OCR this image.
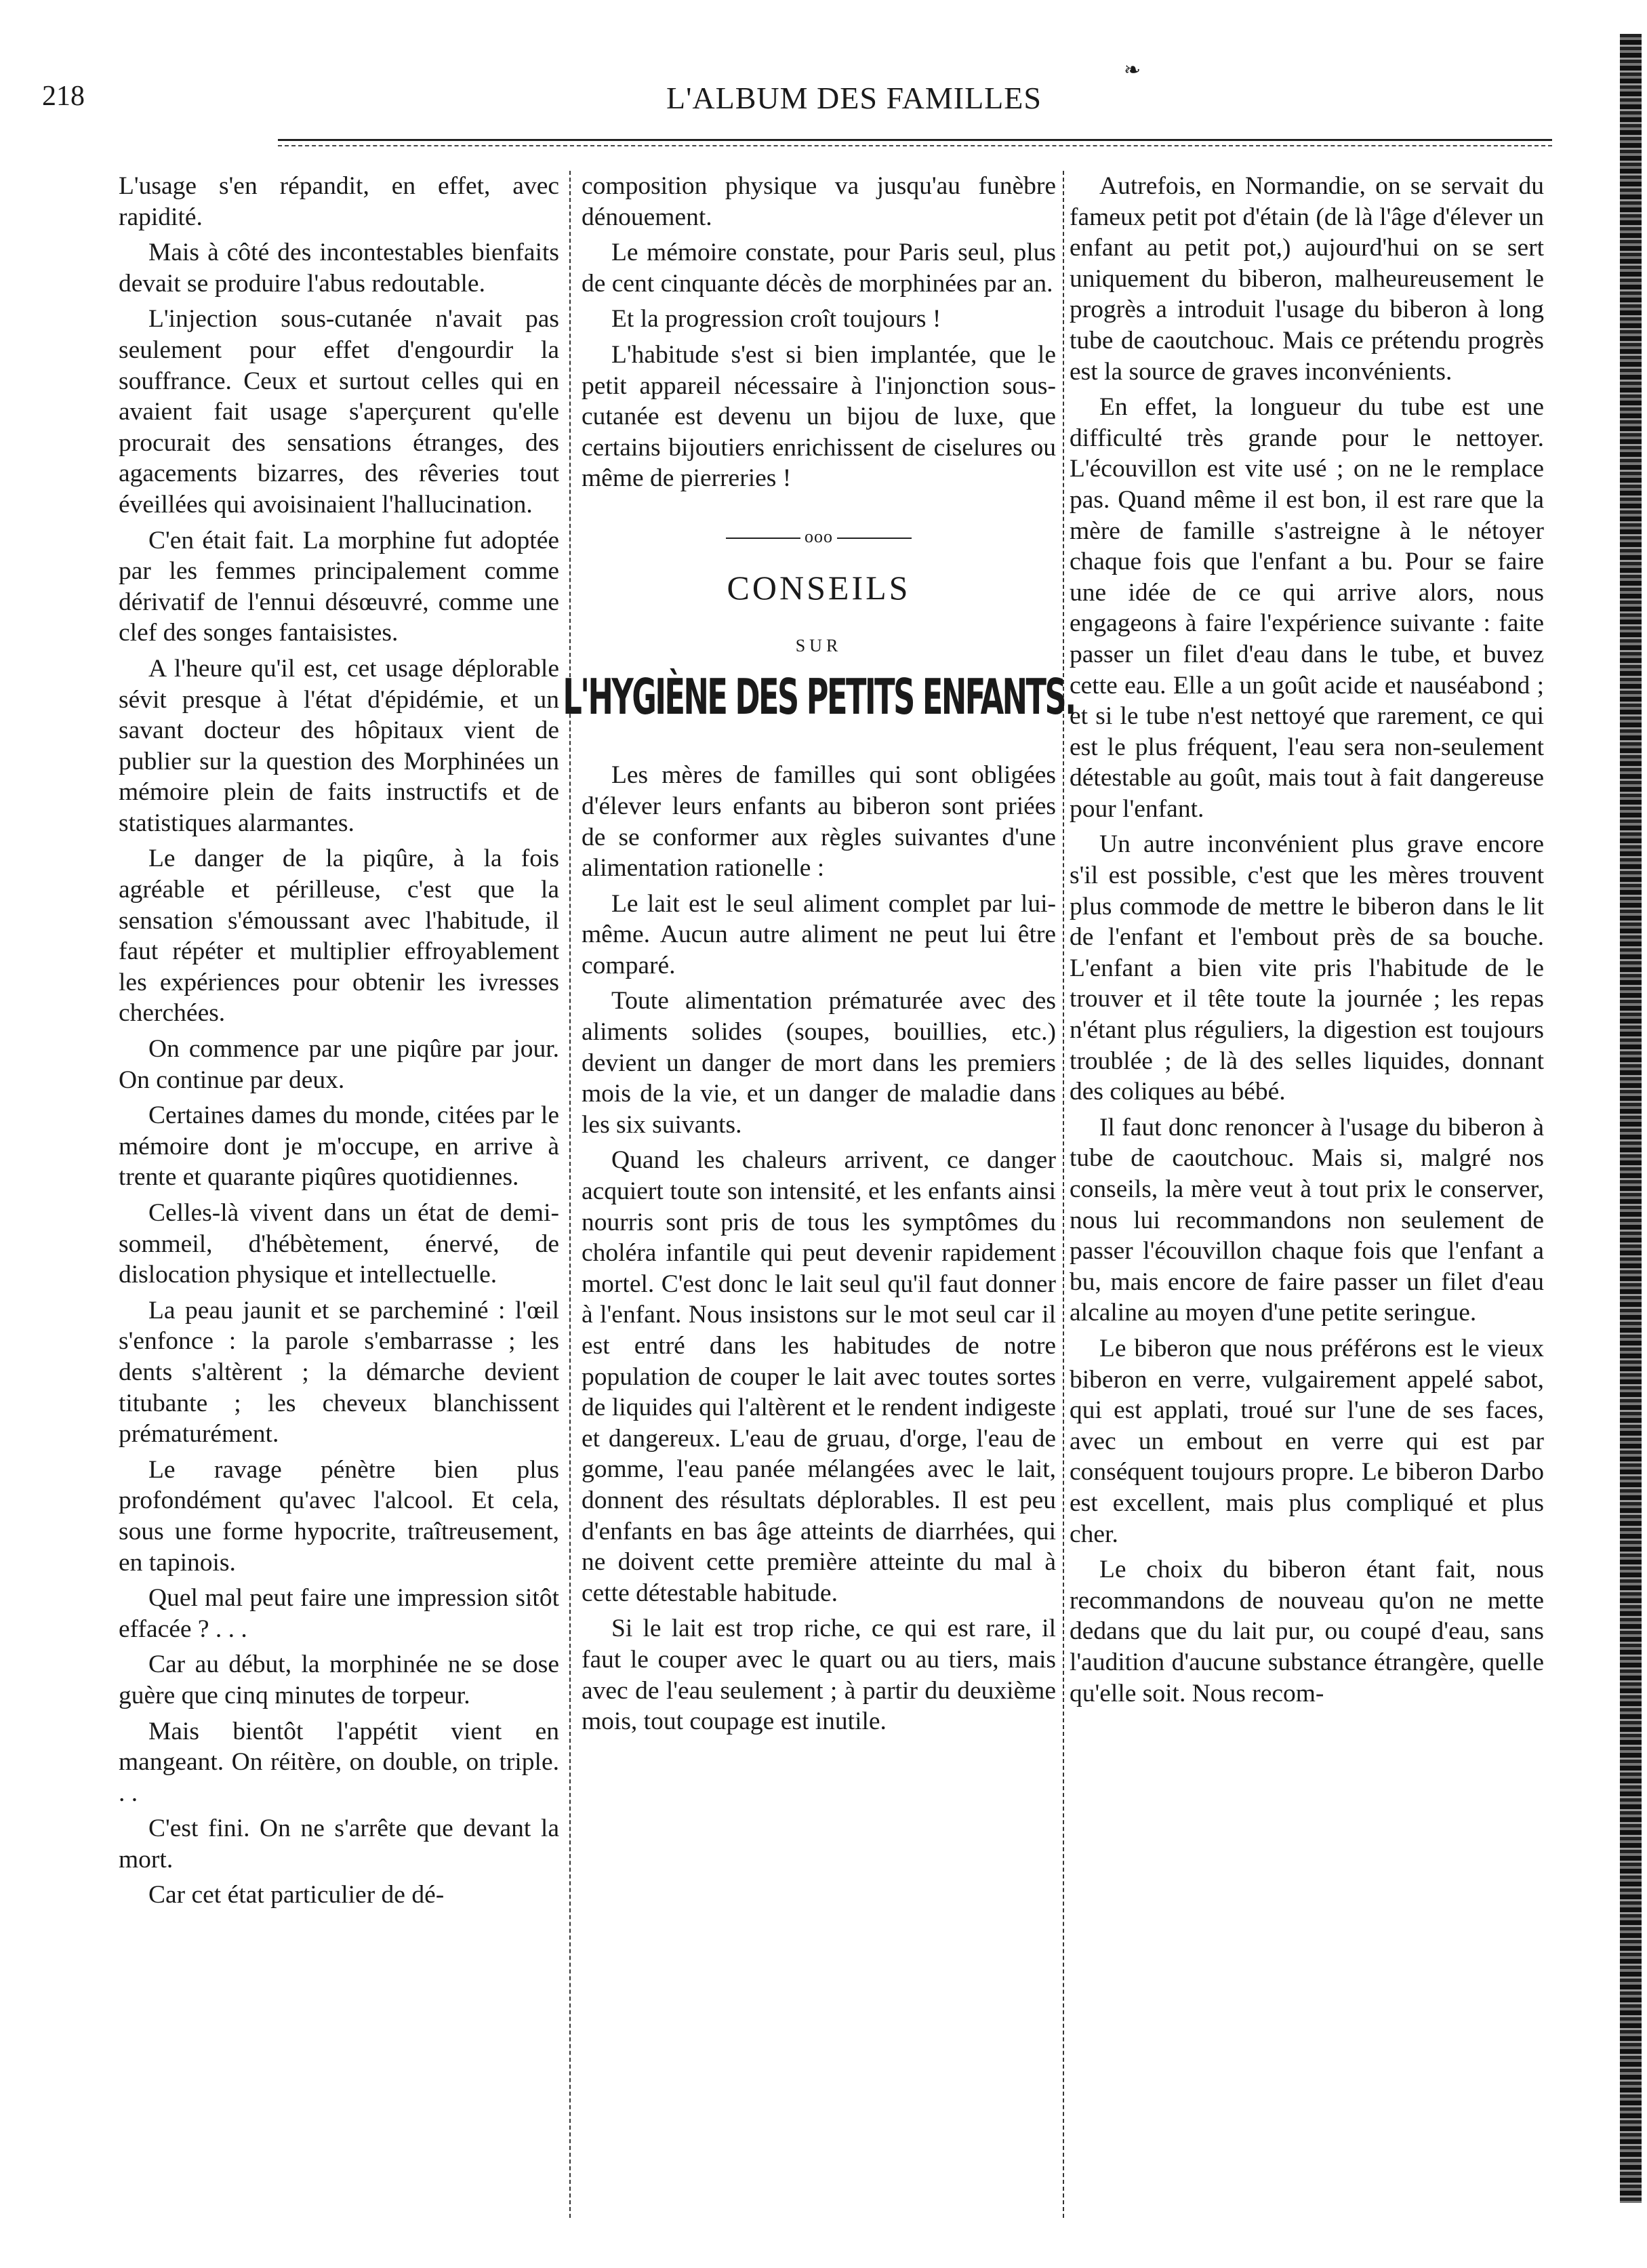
218	L'ALBUM DES FAMILLES
❧

L'usage s'en répandit, en effet, avec rapidité.

Mais à côté des incontestables bienfaits devait se produire l'abus redoutable.

L'injection sous-cutanée n'avait pas seulement pour effet d'engourdir la souffrance. Ceux et surtout celles qui en avaient fait usage s'aperçurent qu'elle procurait des sensations étranges, des agacements bizarres, des rêveries tout éveillées qui avoisinaient l'hallucination.

C'en était fait. La morphine fut adoptée par les femmes principalement comme dérivatif de l'ennui désœuvré, comme une clef des songes fantaisistes.

A l'heure qu'il est, cet usage déplorable sévit presque à l'état d'épidémie, et un savant docteur des hôpitaux vient de publier sur la question des Morphinées un mémoire plein de faits instructifs et de statistiques alarmantes.

Le danger de la piqûre, à la fois agréable et périlleuse, c'est que la sensation s'émoussant avec l'habitude, il faut répéter et multiplier effroyablement les expériences pour obtenir les ivresses cherchées.

On commence par une piqûre par jour. On continue par deux.

Certaines dames du monde, citées par le mémoire dont je m'occupe, en arrive à trente et quarante piqûres quotidiennes.

Celles-là vivent dans un état de demi-sommeil, d'hébètement, énervé, de dislocation physique et intellectuelle.

La peau jaunit et se parcheminé : l'œil s'enfonce : la parole s'embarrasse ; les dents s'altèrent ; la démarche devient titubante ; les cheveux blanchissent prématurément.

Le ravage pénètre bien plus profondément qu'avec l'alcool. Et cela, sous une forme hypocrite, traîtreusement, en tapinois.

Quel mal peut faire une impression sitôt effacée ? . . .

Car au début, la morphinée ne se dose guère que cinq minutes de torpeur.

Mais bientôt l'appétit vient en mangeant. On réitère, on double, on triple. . .

C'est fini. On ne s'arrête que devant la mort.

Car cet état particulier de dé-

composition physique va jusqu'au funèbre dénouement.

Le mémoire constate, pour Paris seul, plus de cent cinquante décès de morphinées par an.

Et la progression croît toujours !

L'habitude s'est si bien implantée, que le petit appareil nécessaire à l'injonction sous-cutanée est devenu un bijou de luxe, que certains bijoutiers enrichissent de ciselures ou même de pierreries !

ooo
CONSEILS
SUR
L'HYGIÈNE DES PETITS ENFANTS.

Les mères de familles qui sont obligées d'élever leurs enfants au biberon sont priées de se conformer aux règles suivantes d'une alimentation rationelle :

Le lait est le seul aliment complet par lui-même. Aucun autre aliment ne peut lui être comparé.

Toute alimentation prématurée avec des aliments solides (soupes, bouillies, etc.) devient un danger de mort dans les premiers mois de la vie, et un danger de maladie dans les six suivants.

Quand les chaleurs arrivent, ce danger acquiert toute son intensité, et les enfants ainsi nourris sont pris de tous les symptômes du choléra infantile qui peut devenir rapidement mortel. C'est donc le lait seul qu'il faut donner à l'enfant. Nous insistons sur le mot seul car il est entré dans les habitudes de notre population de couper le lait avec toutes sortes de liquides qui l'altèrent et le rendent indigeste et dangereux. L'eau de gruau, d'orge, l'eau de gomme, l'eau panée mélangées avec le lait, donnent des résultats déplorables. Il est peu d'enfants en bas âge atteints de diarrhées, qui ne doivent cette première atteinte du mal à cette détestable habitude.

Si le lait est trop riche, ce qui est rare, il faut le couper avec le quart ou au tiers, mais avec de l'eau seulement ; à partir du deuxième mois, tout coupage est inutile.

Autrefois, en Normandie, on se servait du fameux petit pot d'étain (de là l'âge d'élever un enfant au petit pot,) aujourd'hui on se sert uniquement du biberon, malheureusement le progrès a introduit l'usage du biberon à long tube de caoutchouc. Mais ce prétendu progrès est la source de graves inconvénients.

En effet, la longueur du tube est une difficulté très grande pour le nettoyer. L'écouvillon est vite usé ; on ne le remplace pas. Quand même il est bon, il est rare que la mère de famille s'astreigne à le nétoyer chaque fois que l'enfant a bu. Pour se faire une idée de ce qui arrive alors, nous engageons à faire l'expérience suivante : faite passer un filet d'eau dans le tube, et buvez cette eau. Elle a un goût acide et nauséabond ; et si le tube n'est nettoyé que rarement, ce qui est le plus fréquent, l'eau sera non-seulement détestable au goût, mais tout à fait dangereuse pour l'enfant.

Un autre inconvénient plus grave encore s'il est possible, c'est que les mères trouvent plus commode de mettre le biberon dans le lit de l'enfant et l'embout près de sa bouche. L'enfant a bien vite pris l'habitude de le trouver et il tête toute la journée ; les repas n'étant plus réguliers, la digestion est toujours troublée ; de là des selles liquides, donnant des coliques au bébé.

Il faut donc renoncer à l'usage du biberon à tube de caoutchouc. Mais si, malgré nos conseils, la mère veut à tout prix le conserver, nous lui recommandons non seulement de passer l'écouvillon chaque fois que l'enfant a bu, mais encore de faire passer un filet d'eau alcaline au moyen d'une petite seringue.

Le biberon que nous préférons est le vieux biberon en verre, vulgairement appelé sabot, qui est applati, troué sur l'une de ses faces, avec un embout en verre qui est par conséquent toujours propre. Le biberon Darbo est excellent, mais plus compliqué et plus cher.

Le choix du biberon étant fait, nous recommandons de nouveau qu'on ne mette dedans que du lait pur, ou coupé d'eau, sans l'audition d'aucune substance étrangère, quelle qu'elle soit. Nous recom-
